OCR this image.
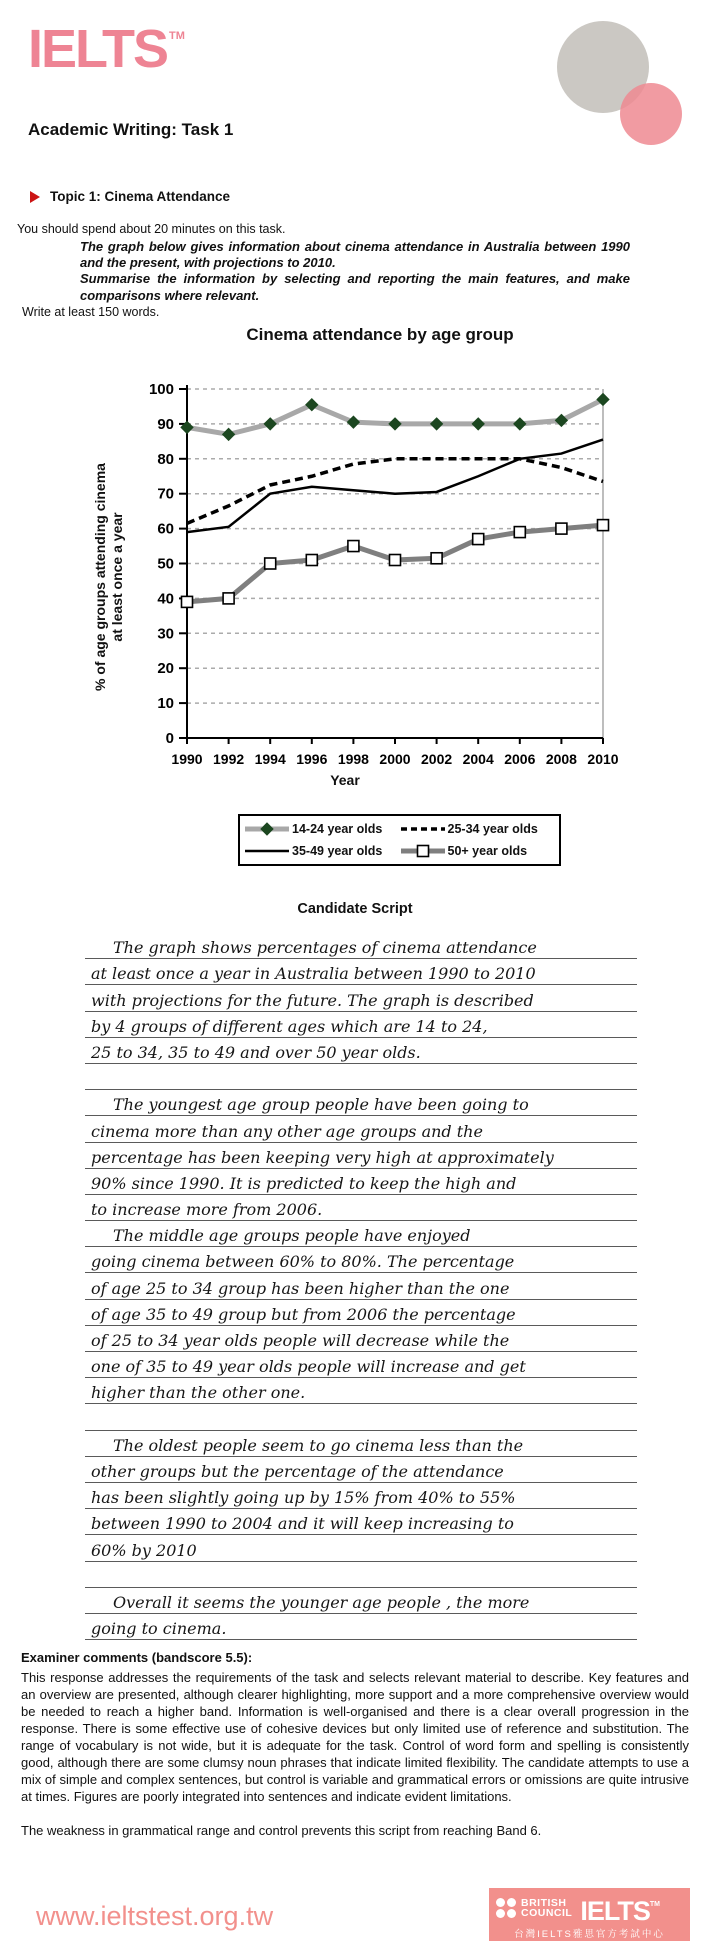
IELTS ™
Academic Writing: Task 1
Topic 1: Cinema Attendance
You should spend about 20 minutes on this task.
The graph below gives information about cinema attendance in Australia between 1990 and the present, with projections to 2010.
Summarise the information by selecting and reporting the main features, and make comparisons where relevant.
Write at least 150 words.
Cinema attendance by age group
0
10
20
30
40
50
60
70
80
90
100
1990 1992 1994 1996 1998 2000 2002 2004 2006 2008 2010
% of age groups attending cinema at least once a year
Year
14-24 year olds	25-34 year olds
35-49 year olds	50+ year olds
Candidate Script
The graph shows percentages of cinema attendance
at least once a year in Australia between 1990 to 2010
with projections for the future. The graph is described
by 4 groups of different ages which are 14 to 24,
25 to 34, 35 to 49 and over 50 year olds.
The youngest age group people have been going to
cinema more than any other age groups and the
percentage has been keeping very high at approximately
90% since 1990. It is predicted to keep the high and
to increase more from 2006.
The middle age groups people have enjoyed
going cinema between 60% to 80%. The percentage
of age 25 to 34 group has been higher than the one
of age 35 to 49 group but from 2006 the percentage
of 25 to 34 year olds people will decrease while the
one of 35 to 49 year olds people will increase and get
higher than the other one.
The oldest people seem to go cinema less than the
other groups but the percentage of the attendance
has been slightly going up by 15% from 40% to 55%
between 1990 to 2004 and it will keep increasing to
60% by 2010
Overall it seems the younger age people , the more
going to cinema.
Examiner comments (bandscore 5.5):
This response addresses the requirements of the task and selects relevant material to describe. Key features and an overview are presented, although clearer highlighting, more support and a more comprehensive overview would be needed to reach a higher band. Information is well-organised and there is a clear overall progression in the response. There is some effective use of cohesive devices but only limited use of reference and substitution. The range of vocabulary is not wide, but it is adequate for the task. Control of word form and spelling is consistently good, although there are some clumsy noun phrases that indicate limited flexibility. The candidate attempts to use a mix of simple and complex sentences, but control is variable and grammatical errors or omissions are quite intrusive at times. Figures are poorly integrated into sentences and indicate evident limitations.
The weakness in grammatical range and control prevents this script from reaching Band 6.
www.ieltstest.org.tw	BRITISH
COUNCIL IELTS™
台灣IELTS雅思官方考試中心
